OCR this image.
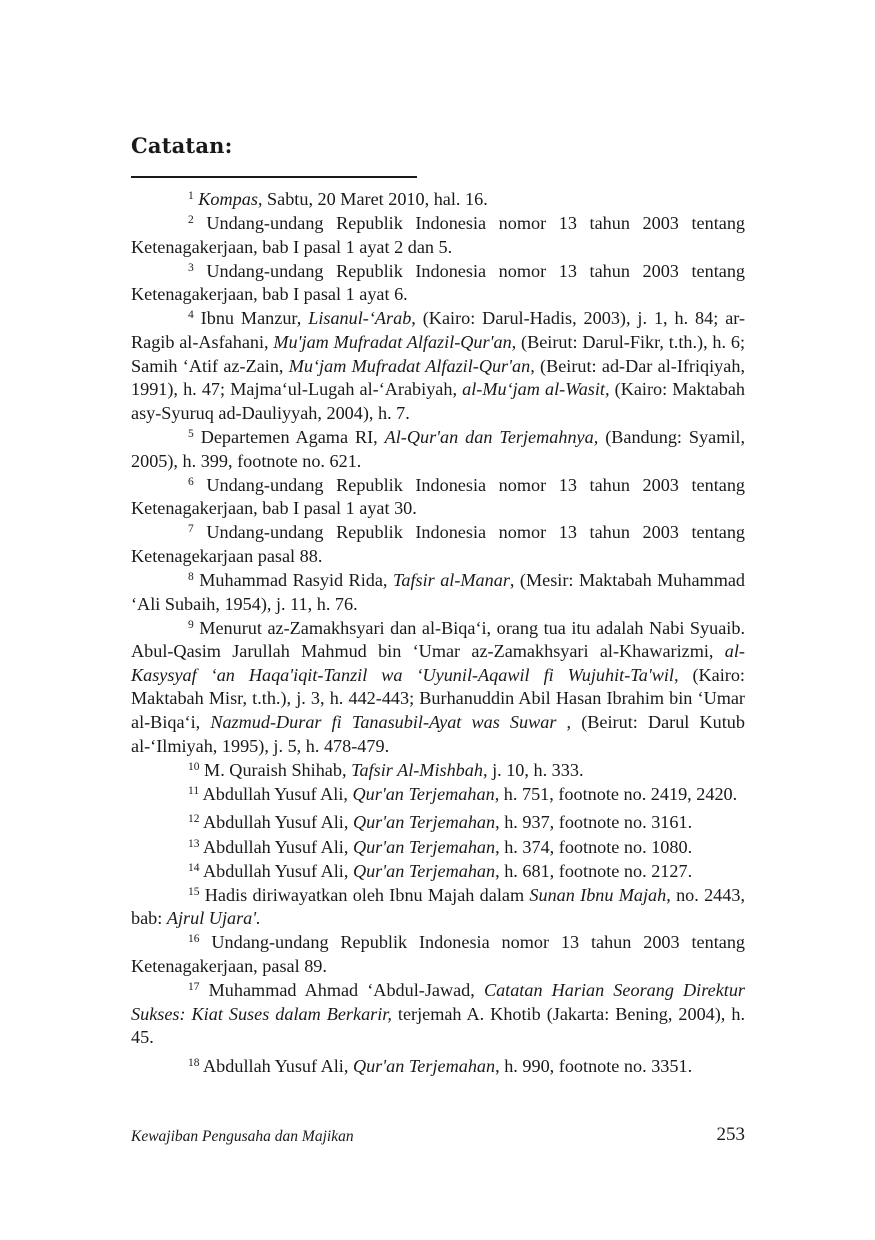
Catatan:

$^1$ Kompas, Sabtu, 20 Maret 2010, hal. 16.

$^2$ Undang-undang Republik Indonesia nomor 13 tahun 2003 tentang Ketenagakerjaan, bab I pasal 1 ayat 2 dan 5.

$^3$ Undang-undang Republik Indonesia nomor 13 tahun 2003 tentang Ketenagakerjaan, bab I pasal 1 ayat 6.

$^4$ Ibnu Manzur, Lisanul-‘Arab, (Kairo: Darul-Hadis, 2003), j. 1, h. 84; ar-Ragib al-Asfahani, Mu'jam Mufradat Alfazil-Qur'an, (Beirut: Darul-Fikr, t.th.), h. 6; Samih ‘Atif az-Zain, Mu‘jam Mufradat Alfazil-Qur'an, (Beirut: ad-Dar al-Ifriqiyah, 1991), h. 47; Majma‘ul-Lugah al-‘Arabiyah, al-Mu‘jam al-Wasit, (Kairo: Maktabah asy-Syuruq ad-Dauliyyah, 2004), h. 7.

$^5$ Departemen Agama RI, Al-Qur'an dan Terjemahnya, (Bandung: Syamil, 2005), h. 399, footnote no. 621.

$^6$ Undang-undang Republik Indonesia nomor 13 tahun 2003 tentang Ketenagakerjaan, bab I pasal 1 ayat 30.

$^7$ Undang-undang Republik Indonesia nomor 13 tahun 2003 tentang Ketenagekarjaan pasal 88.

$^8$ Muhammad Rasyid Rida, Tafsir al-Manar, (Mesir: Maktabah Muhammad ‘Ali Subaih, 1954), j. 11, h. 76.

$^9$ Menurut az-Zamakhsyari dan al-Biqa‘i, orang tua itu adalah Nabi Syuaib. Abul-Qasim Jarullah Mahmud bin ‘Umar az-Zamakhsyari al-Khawarizmi, al-Kasysyaf ‘an Haqa'iqit-Tanzil wa ‘Uyunil-Aqawil fi Wujuhit-Ta'wil, (Kairo: Maktabah Misr, t.th.), j. 3, h. 442-443; Burhanuddin Abil Hasan Ibrahim bin ‘Umar al-Biqa‘i, Nazmud-Durar fi Tanasubil-Ayat was Suwar , (Beirut: Darul Kutub al-‘Ilmiyah, 1995), j. 5, h. 478-479.

$^{10}$ M. Quraish Shihab, Tafsir Al-Mishbah, j. 10, h. 333.

$^{11}$ Abdullah Yusuf Ali, Qur'an Terjemahan, h. 751, footnote no. 2419, 2420.

$^{12}$ Abdullah Yusuf Ali, Qur'an Terjemahan, h. 937, footnote no. 3161.

$^{13}$ Abdullah Yusuf Ali, Qur'an Terjemahan, h. 374, footnote no. 1080.

$^{14}$ Abdullah Yusuf Ali, Qur'an Terjemahan, h. 681, footnote no. 2127.

$^{15}$ Hadis diriwayatkan oleh Ibnu Majah dalam Sunan Ibnu Majah, no. 2443, bab: Ajrul Ujara'.

$^{16}$ Undang-undang Republik Indonesia nomor 13 tahun 2003 tentang Ketenagakerjaan, pasal 89.

$^{17}$ Muhammad Ahmad ‘Abdul-Jawad, Catatan Harian Seorang Direktur Sukses: Kiat Suses dalam Berkarir, terjemah A. Khotib (Jakarta: Bening, 2004), h. 45.

$^{18}$ Abdullah Yusuf Ali, Qur'an Terjemahan, h. 990, footnote no. 3351.

Kewajiban Pengusaha dan Majikan	253
